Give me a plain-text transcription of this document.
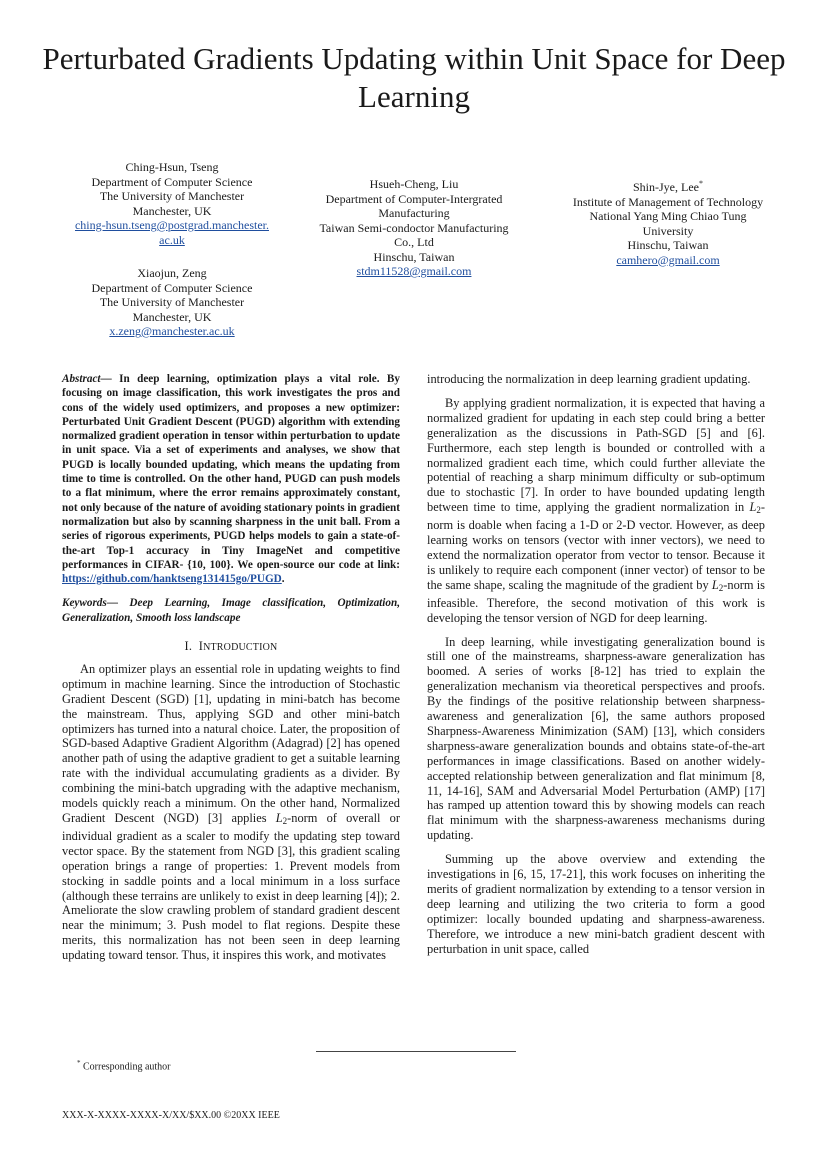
Perturbated Gradients Updating within Unit Space for Deep Learning
Ching-Hsun, Tseng
Department of Computer Science
The University of Manchester
Manchester, UK
ching-hsun.tseng@postgrad.manchester.ac.uk
Xiaojun, Zeng
Department of Computer Science
The University of Manchester
Manchester, UK
x.zeng@manchester.ac.uk
Hsueh-Cheng, Liu
Department of Computer-Intergrated
Manufacturing
Taiwan Semi-condoctor Manufacturing
Co., Ltd
Hinschu, Taiwan
stdm11528@gmail.com
Shin-Jye, Lee*
Institute of Management of Technology
National Yang Ming Chiao Tung
University
Hinschu, Taiwan
camhero@gmail.com

Abstract— In deep learning, optimization plays a vital role. By focusing on image classification, this work investigates the pros and cons of the widely used optimizers, and proposes a new optimizer: Perturbated Unit Gradient Descent (PUGD) algorithm with extending normalized gradient operation in tensor within perturbation to update in unit space. Via a set of experiments and analyses, we show that PUGD is locally bounded updating, which means the updating from time to time is controlled. On the other hand, PUGD can push models to a flat minimum, where the error remains approximately constant, not only because of the nature of avoiding stationary points in gradient normalization but also by scanning sharpness in the unit ball. From a series of rigorous experiments, PUGD helps models to gain a state-of-the-art Top-1 accuracy in Tiny ImageNet and competitive performances in CIFAR- {10, 100}. We open-source our code at link: https://github.com/hanktseng131415go/PUGD.

Keywords— Deep Learning, Image classification, Optimization, Generalization, Smooth loss landscape

I. INTRODUCTION

An optimizer plays an essential role in updating weights to find optimum in machine learning. Since the introduction of Stochastic Gradient Descent (SGD) [1], updating in mini-batch has become the mainstream. Thus, applying SGD and other mini-batch optimizers has turned into a natural choice. Later, the proposition of SGD-based Adaptive Gradient Algorithm (Adagrad) [2] has opened another path of using the adaptive gradient to get a suitable learning rate with the individual accumulating gradients as a divider. By combining the mini-batch upgrading with the adaptive mechanism, models quickly reach a minimum. On the other hand, Normalized Gradient Descent (NGD) [3] applies $L_2$-norm of overall or individual gradient as a scaler to modify the updating step toward vector space. By the statement from NGD [3], this gradient scaling operation brings a range of properties: 1. Prevent models from stocking in saddle points and a local minimum in a loss surface (although these terrains are unlikely to exist in deep learning [4]); 2. Ameliorate the slow crawling problem of standard gradient descent near the minimum; 3. Push model to flat regions. Despite these merits, this normalization has not been seen in deep learning updating toward tensor. Thus, it inspires this work, and motivates

introducing the normalization in deep learning gradient updating.

By applying gradient normalization, it is expected that having a normalized gradient for updating in each step could bring a better generalization as the discussions in Path-SGD [5] and [6]. Furthermore, each step length is bounded or controlled with a normalized gradient each time, which could further alleviate the potential of reaching a sharp minimum difficulty or sub-optimum due to stochastic [7]. In order to have bounded updating length between time to time, applying the gradient normalization in $L_2$-norm is doable when facing a 1-D or 2-D vector. However, as deep learning works on tensors (vector with inner vectors), we need to extend the normalization operator from vector to tensor. Because it is unlikely to require each component (inner vector) of tensor to be the same shape, scaling the magnitude of the gradient by $L_2$-norm is infeasible. Therefore, the second motivation of this work is developing the tensor version of NGD for deep learning.

In deep learning, while investigating generalization bound is still one of the mainstreams, sharpness-aware generalization has boomed. A series of works [8-12] has tried to explain the generalization mechanism via theoretical perspectives and proofs. By the findings of the positive relationship between sharpness-awareness and generalization [6], the same authors proposed Sharpness-Awareness Minimization (SAM) [13], which considers sharpness-aware generalization bounds and obtains state-of-the-art performances in image classifications. Based on another widely-accepted relationship between generalization and flat minimum [8, 11, 14-16], SAM and Adversarial Model Perturbation (AMP) [17] has ramped up attention toward this by showing models can reach flat minimum with the sharpness-awareness mechanisms during updating.

Summing up the above overview and extending the investigations in [6, 15, 17-21], this work focuses on inheriting the merits of gradient normalization by extending to a tensor version in deep learning and utilizing the two criteria to form a good optimizer: locally bounded updating and sharpness-awareness. Therefore, we introduce a new mini-batch gradient descent with perturbation in unit space, called

* Corresponding author
XXX-X-XXXX-XXXX-X/XX/$XX.00 ©20XX IEEE
